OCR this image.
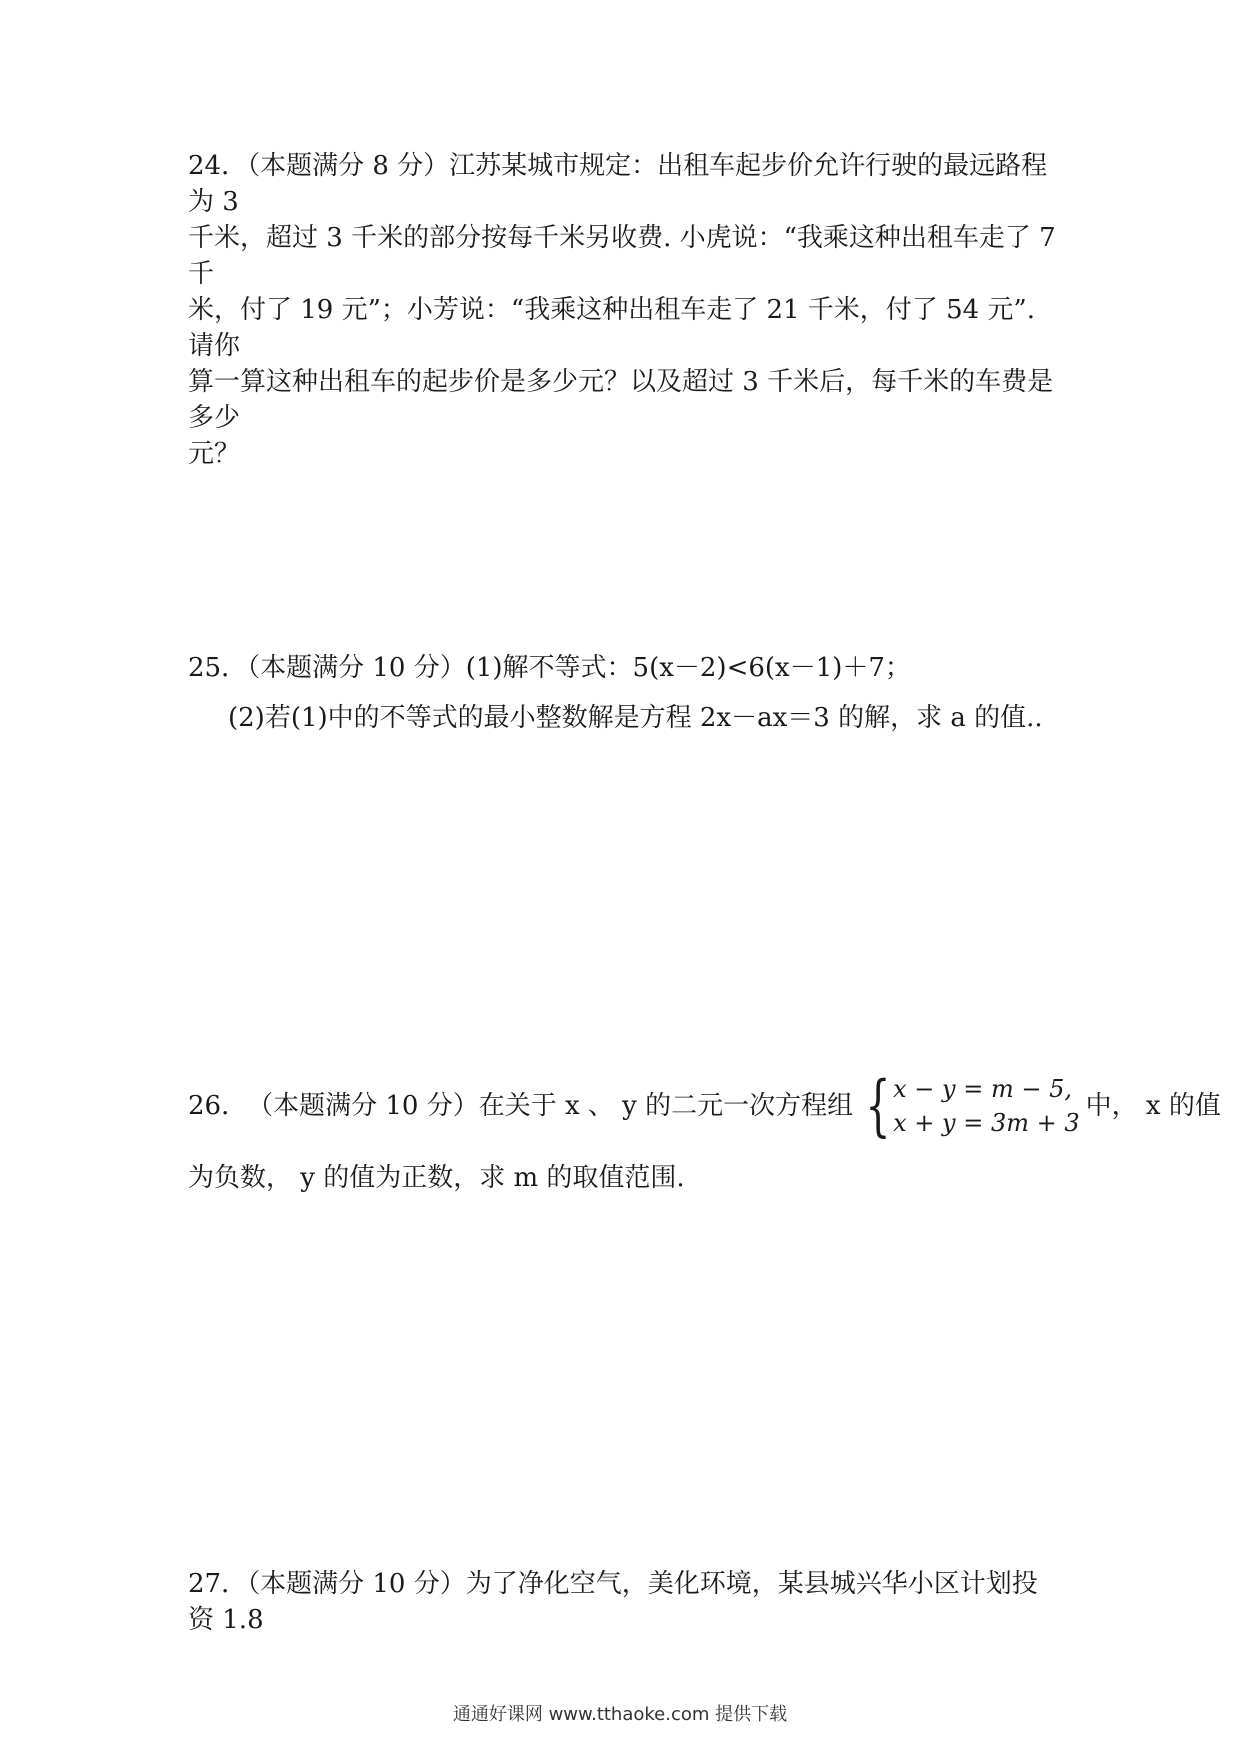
24．（本题满分 8 分）江苏某城市规定：出租车起步价允许行驶的最远路程为 3

千米，超过 3 千米的部分按每千米另收费. 小虎说：“我乘这种出租车走了 7 千

米，付了 19 元”；小芳说：“我乘这种出租车走了 21 千米，付了 54 元”. 请你

算一算这种出租车的起步价是多少元？以及超过 3 千米后，每千米的车费是多少

元？

25．（本题满分 10 分）(1)解不等式：5(x－2)<6(x－1)＋7；

(2)若(1)中的不等式的最小整数解是方程 2x－ax＝3 的解，求 a 的值..

26． （本题满分 10 分）在关于 x 、 y 的二元一次方程组 { x − y = m − 5,
x + y = 3m + 3
中， x 的值

为负数， y 的值为正数，求 m 的取值范围.

27．（本题满分 10 分）为了净化空气，美化环境，某县城兴华小区计划投资 1.8

通通好课网 www.tthaoke.com 提供下载
